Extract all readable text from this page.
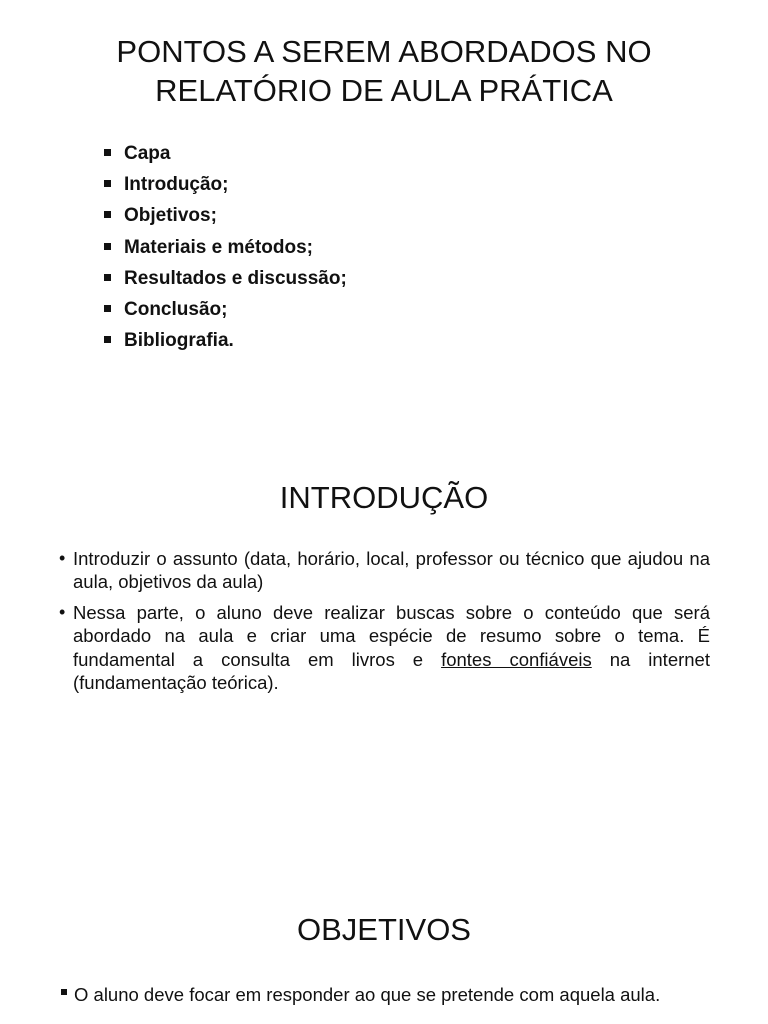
PONTOS A SEREM ABORDADOS NO RELATÓRIO DE AULA PRÁTICA
Capa
Introdução;
Objetivos;
Materiais e métodos;
Resultados e discussão;
Conclusão;
Bibliografia.
INTRODUÇÃO

• Introduzir o assunto (data, horário, local, professor ou técnico que ajudou na aula, objetivos da aula)

• Nessa parte, o aluno deve realizar buscas sobre o conteúdo que será abordado na aula e criar uma espécie de resumo sobre o tema. É fundamental a consulta em livros e fontes confiáveis na internet (fundamentação teórica).

OBJETIVOS

O aluno deve focar em responder ao que se pretende com aquela aula.
